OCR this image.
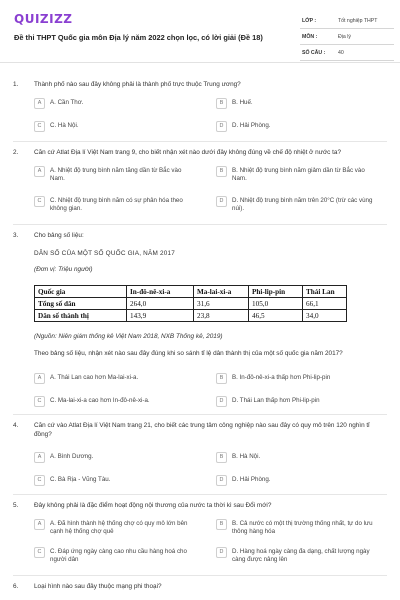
QUIZIZZ
Đề thi THPT Quốc gia môn Địa lý năm 2022 chọn lọc, có lời giải (Đề 18)
LỚP :	Tốt nghiệp THPT
MÔN :	Địa lý
SỐ CÂU : 40
1. Thành phố nào sau đây không phải là thành phố trực thuộc Trung ương?
A	A. Cần Thơ.	B	B. Huế.
C	C. Hà Nội.	D	D. Hải Phòng.
2. Căn cứ Atlat Địa lí Việt Nam trang 9, cho biết nhận xét nào dưới đây không đúng về chế độ nhiệt ở nước ta?
A	A. Nhiệt độ trung bình năm tăng dần từ Bắc vào Nam.
B	B. Nhiệt độ trung bình năm giảm dần từ Bắc vào Nam.
C	C. Nhiệt độ trung bình năm có sự phân hóa theo không gian.
D	D. Nhiệt độ trung bình năm trên 20°C (trừ các vùng núi).
3. Cho bảng số liệu:
DÂN SỐ CỦA MỘT SỐ QUỐC GIA, NĂM 2017
(Đơn vị: Triệu người)
Quốc gia	In-đô-nê-xi-a	Ma-lai-xi-a	Phi-lip-pin	Thái Lan
Tổng số dân	264,0	31,6	105,0	66,1
Dân số thành thị	143,9	23,8	46,5	34,0
(Nguồn: Niên giám thống kê Việt Nam 2018, NXB Thống kê, 2019)
Theo bảng số liệu, nhận xét nào sau đây đúng khi so sánh tỉ lệ dân thành thị của một số quốc gia năm 2017?
A	A. Thái Lan cao hơn Ma-lai-xi-a.	B	B. In-đô-nê-xi-a thấp hơn Phi-lip-pin
C	C. Ma-lai-xi-a cao hơn In-đô-nê-xi-a.	D	D. Thái Lan thấp hơn Phi-lip-pin
4. Căn cứ vào Atlat Địa lí Việt Nam trang 21, cho biết các trung tâm công nghiệp nào sau đây có quy mô trên 120 nghìn tỉ đồng?
A	A. Bình Dương.	B	B. Hà Nội.
C	C. Bà Rịa - Vũng Tàu.	D	D. Hải Phòng.
5. Đây không phải là đặc điểm hoạt động nội thương của nước ta thời kì sau Đổi mới?
A	A. Đã hình thành hệ thống chợ có quy mô lớn bên cạnh hệ thống chợ quê
B	B. Cả nước có một thị trường thống nhất, tự do lưu thông hàng hóa
C	C. Đáp ứng ngày càng cao nhu cầu hàng hoá cho người dân
D	D. Hàng hoá ngày càng đa dạng, chất lượng ngày càng được nâng lên
6. Loại hình nào sau đây thuộc mạng phi thoại?
